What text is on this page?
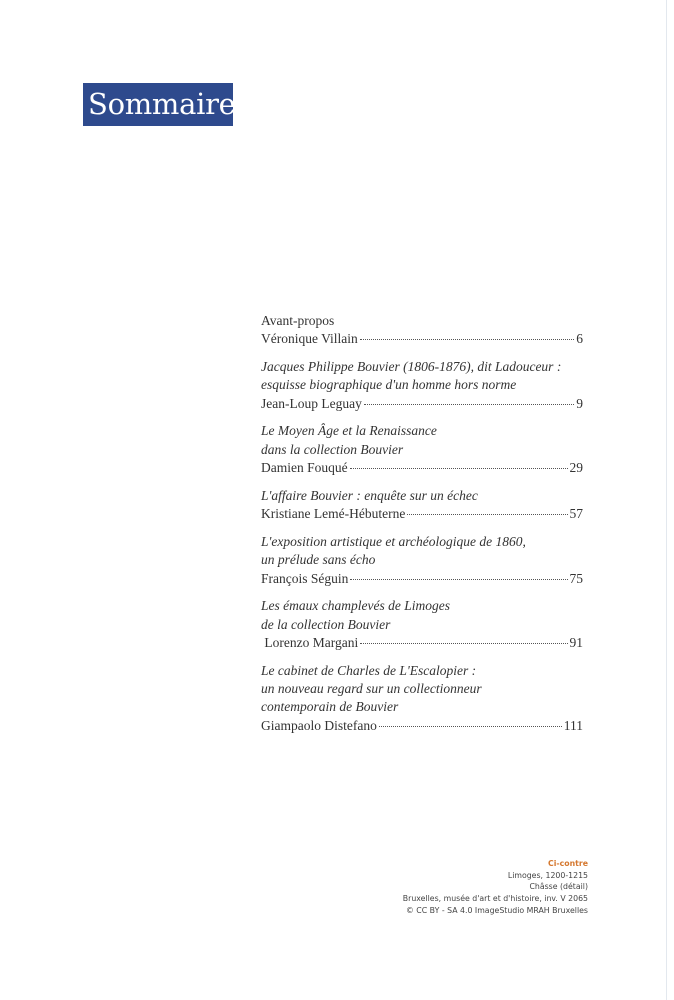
Sommaire
Avant-propos
Véronique Villain	6
Jacques Philippe Bouvier (1806-1876), dit Ladouceur :
esquisse biographique d'un homme hors norme
Jean-Loup Leguay	9
Le Moyen Âge et la Renaissance
dans la collection Bouvier
Damien Fouqué	29
L'affaire Bouvier : enquête sur un échec
Kristiane Lemé-Hébuterne	57
L'exposition artistique et archéologique de 1860,
un prélude sans écho
François Séguin	75
Les émaux champlevés de Limoges
de la collection Bouvier
Lorenzo Margani	91
Le cabinet de Charles de L'Escalopier :
un nouveau regard sur un collectionneur
contemporain de Bouvier
Giampaolo Distefano	111
Ci-contre
Limoges, 1200-1215
Châsse (détail)
Bruxelles, musée d'art et d'histoire, inv. V 2065
© CC BY - SA 4.0 ImageStudio MRAH Bruxelles
